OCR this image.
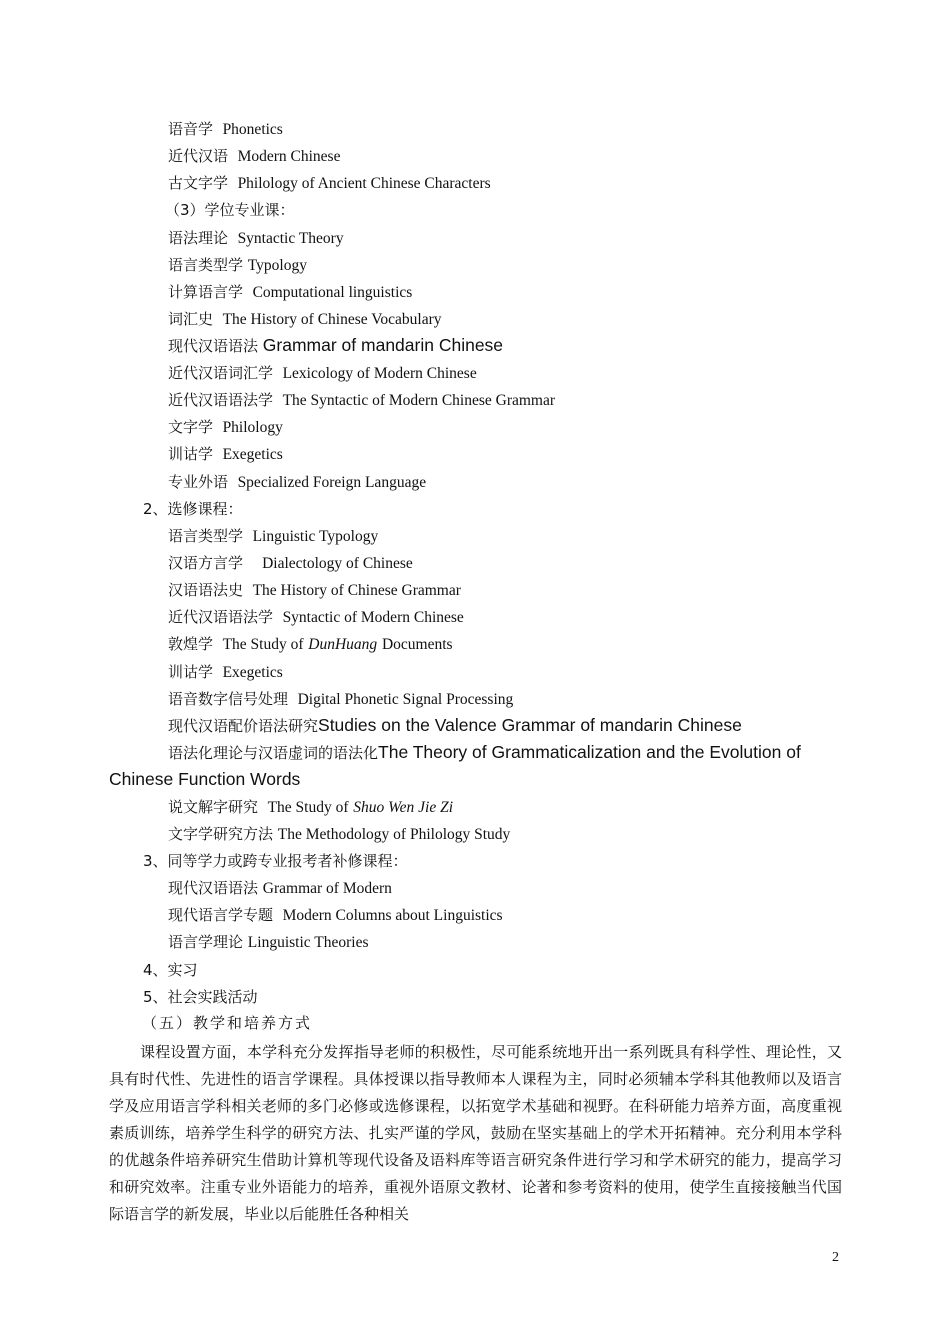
语音学 Phonetics
近代汉语 Modern Chinese
古文字学 Philology of Ancient Chinese Characters
（3）学位专业课：
语法理论 Syntactic Theory
语言类型学 Typology
计算语言学 Computational linguistics
词汇史 The History of Chinese Vocabulary
现代汉语语法 Grammar of mandarin Chinese
近代汉语词汇学 Lexicology of Modern Chinese
近代汉语语法学 The Syntactic of Modern Chinese Grammar
文字学 Philology
训诂学 Exegetics
专业外语 Specialized Foreign Language
2、选修课程：
语言类型学 Linguistic Typology
汉语方言学 Dialectology of Chinese
汉语语法史 The History of Chinese Grammar
近代汉语语法学 Syntactic of Modern Chinese
敦煌学 The Study of DunHuang Documents
训诂学 Exegetics
语音数字信号处理 Digital Phonetic Signal Processing
现代汉语配价语法研究Studies on the Valence Grammar of mandarin Chinese
语法化理论与汉语虚词的语法化The Theory of Grammaticalization and the Evolution of
Chinese Function Words
说文解字研究 The Study of Shuo Wen Jie Zi
文字学研究方法 The Methodology of Philology Study
3、同等学力或跨专业报考者补修课程：
现代汉语语法 Grammar of Modern
现代语言学专题 Modern Columns about Linguistics
语言学理论 Linguistic Theories
4、实习
5、社会实践活动
（五）教学和培养方式
课程设置方面，本学科充分发挥指导老师的积极性，尽可能系统地开出一系列既具有科学性、理论性，又具有时代性、先进性的语言学课程。具体授课以指导教师本人课程为主，同时必须辅本学科其他教师以及语言学及应用语言学科相关老师的多门必修或选修课程，以拓宽学术基础和视野。在科研能力培养方面，高度重视素质训练，培养学生科学的研究方法、扎实严谨的学风，鼓励在坚实基础上的学术开拓精神。充分利用本学科的优越条件培养研究生借助计算机等现代设备及语料库等语言研究条件进行学习和学术研究的能力，提高学习和研究效率。注重专业外语能力的培养，重视外语原文教材、论著和参考资料的使用，使学生直接接触当代国际语言学的新发展，毕业以后能胜任各种相关
2
